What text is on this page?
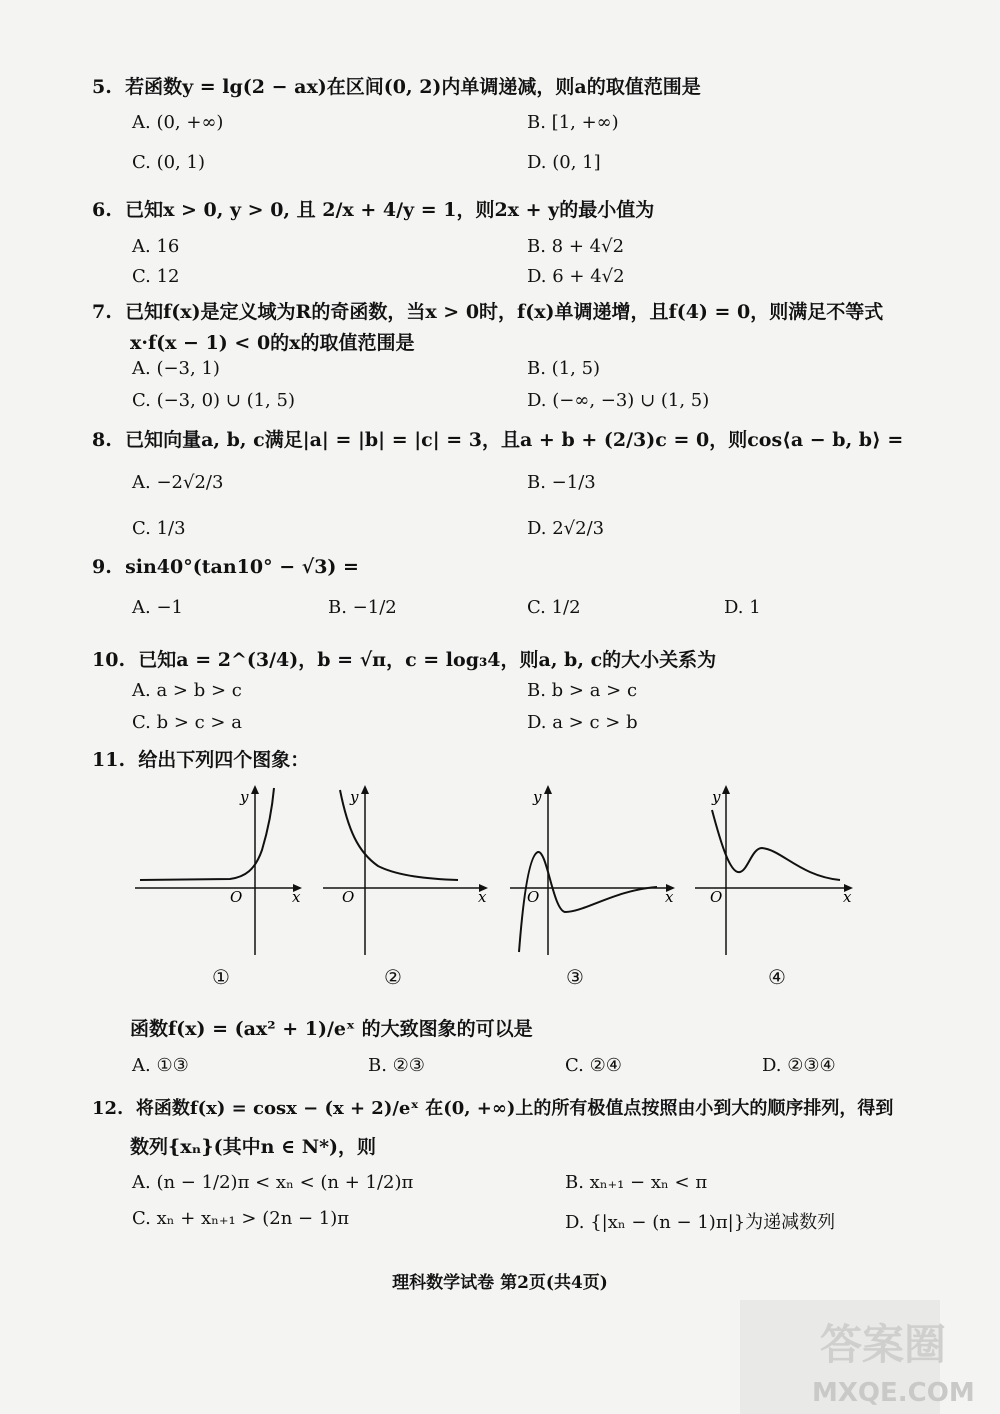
5. 若函数y = lg(2 − ax)在区间(0, 2)内单调递减，则a的取值范围是
A. (0, +∞)	B. [1, +∞)
C. (0, 1)	D. (0, 1]
6. 已知x > 0, y > 0, 且 2/x + 4/y = 1，则2x + y的最小值为
A. 16	B. 8 + 4√2
C. 12	D. 6 + 4√2
7. 已知f(x)是定义域为R的奇函数，当x > 0时，f(x)单调递增，且f(4) = 0，则满足不等式
x·f(x − 1) < 0的x的取值范围是
A. (−3, 1)	B. (1, 5)
C. (−3, 0) ∪ (1, 5)	D. (−∞, −3) ∪ (1, 5)
8. 已知向量a, b, c满足|a| = |b| = |c| = 3，且a + b + (2/3)c = 0，则cos⟨a − b, b⟩ =
A. −2√2/3	B. −1/3
C. 1/3	D. 2√2/3
9. sin40°(tan10° − √3) =
A. −1	B. −1/2	C. 1/2	D. 1
10. 已知a = 2^(3/4)，b = √π，c = log₃4，则a, b, c的大小关系为
A. a > b > c	B. b > a > c
C. b > c > a	D. a > c > b
11. 给出下列四个图象：
y
x
O
①
y
x
O
②
y
x
O
③
y
x
O
④
函数f(x) = (ax² + 1)/eˣ 的大致图象的可以是
A. ①③	B. ②③	C. ②④	D. ②③④
12. 将函数f(x) = cosx − (x + 2)/eˣ 在(0, +∞)上的所有极值点按照由小到大的顺序排列，得到
数列{xₙ}(其中n ∈ N*)，则
A. (n − 1/2)π < xₙ < (n + 1/2)π	B. xₙ₊₁ − xₙ < π
C. xₙ + xₙ₊₁ > (2n − 1)π	D. {|xₙ − (n − 1)π|}为递减数列
理科数学试卷 第2页(共4页)
答案圈
MXQE.COM
